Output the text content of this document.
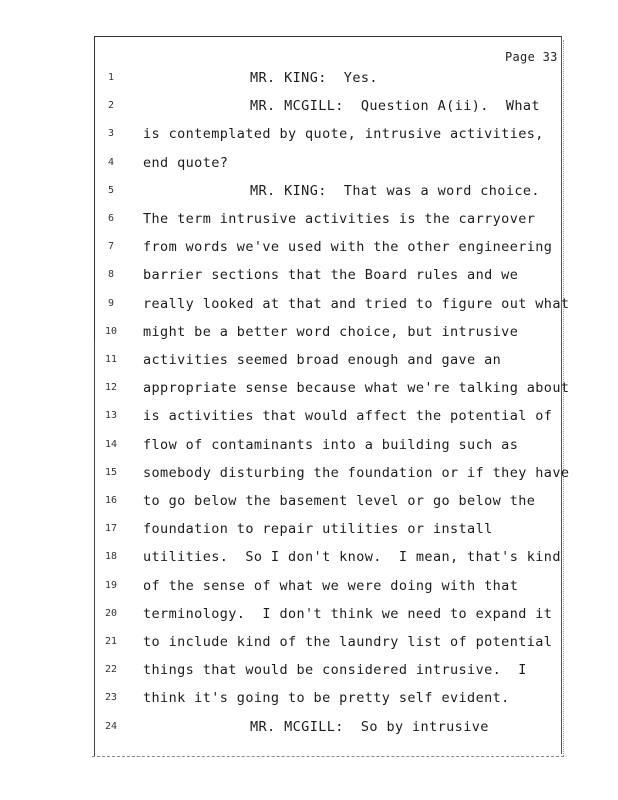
Page 33
1	MR. KING:  Yes.
2	MR. MCGILL:  Question A(ii).  What
3	is contemplated by quote, intrusive activities,
4	end quote?
5	MR. KING:  That was a word choice.
6	The term intrusive activities is the carryover
7	from words we've used with the other engineering
8	barrier sections that the Board rules and we
9	really looked at that and tried to figure out what
10	might be a better word choice, but intrusive
11	activities seemed broad enough and gave an
12	appropriate sense because what we're talking about
13	is activities that would affect the potential of
14	flow of contaminants into a building such as
15	somebody disturbing the foundation or if they have
16	to go below the basement level or go below the
17	foundation to repair utilities or install
18	utilities.  So I don't know.  I mean, that's kind
19	of the sense of what we were doing with that
20	terminology.  I don't think we need to expand it
21	to include kind of the laundry list of potential
22	things that would be considered intrusive.  I
23	think it's going to be pretty self evident.
24	MR. MCGILL:  So by intrusive
